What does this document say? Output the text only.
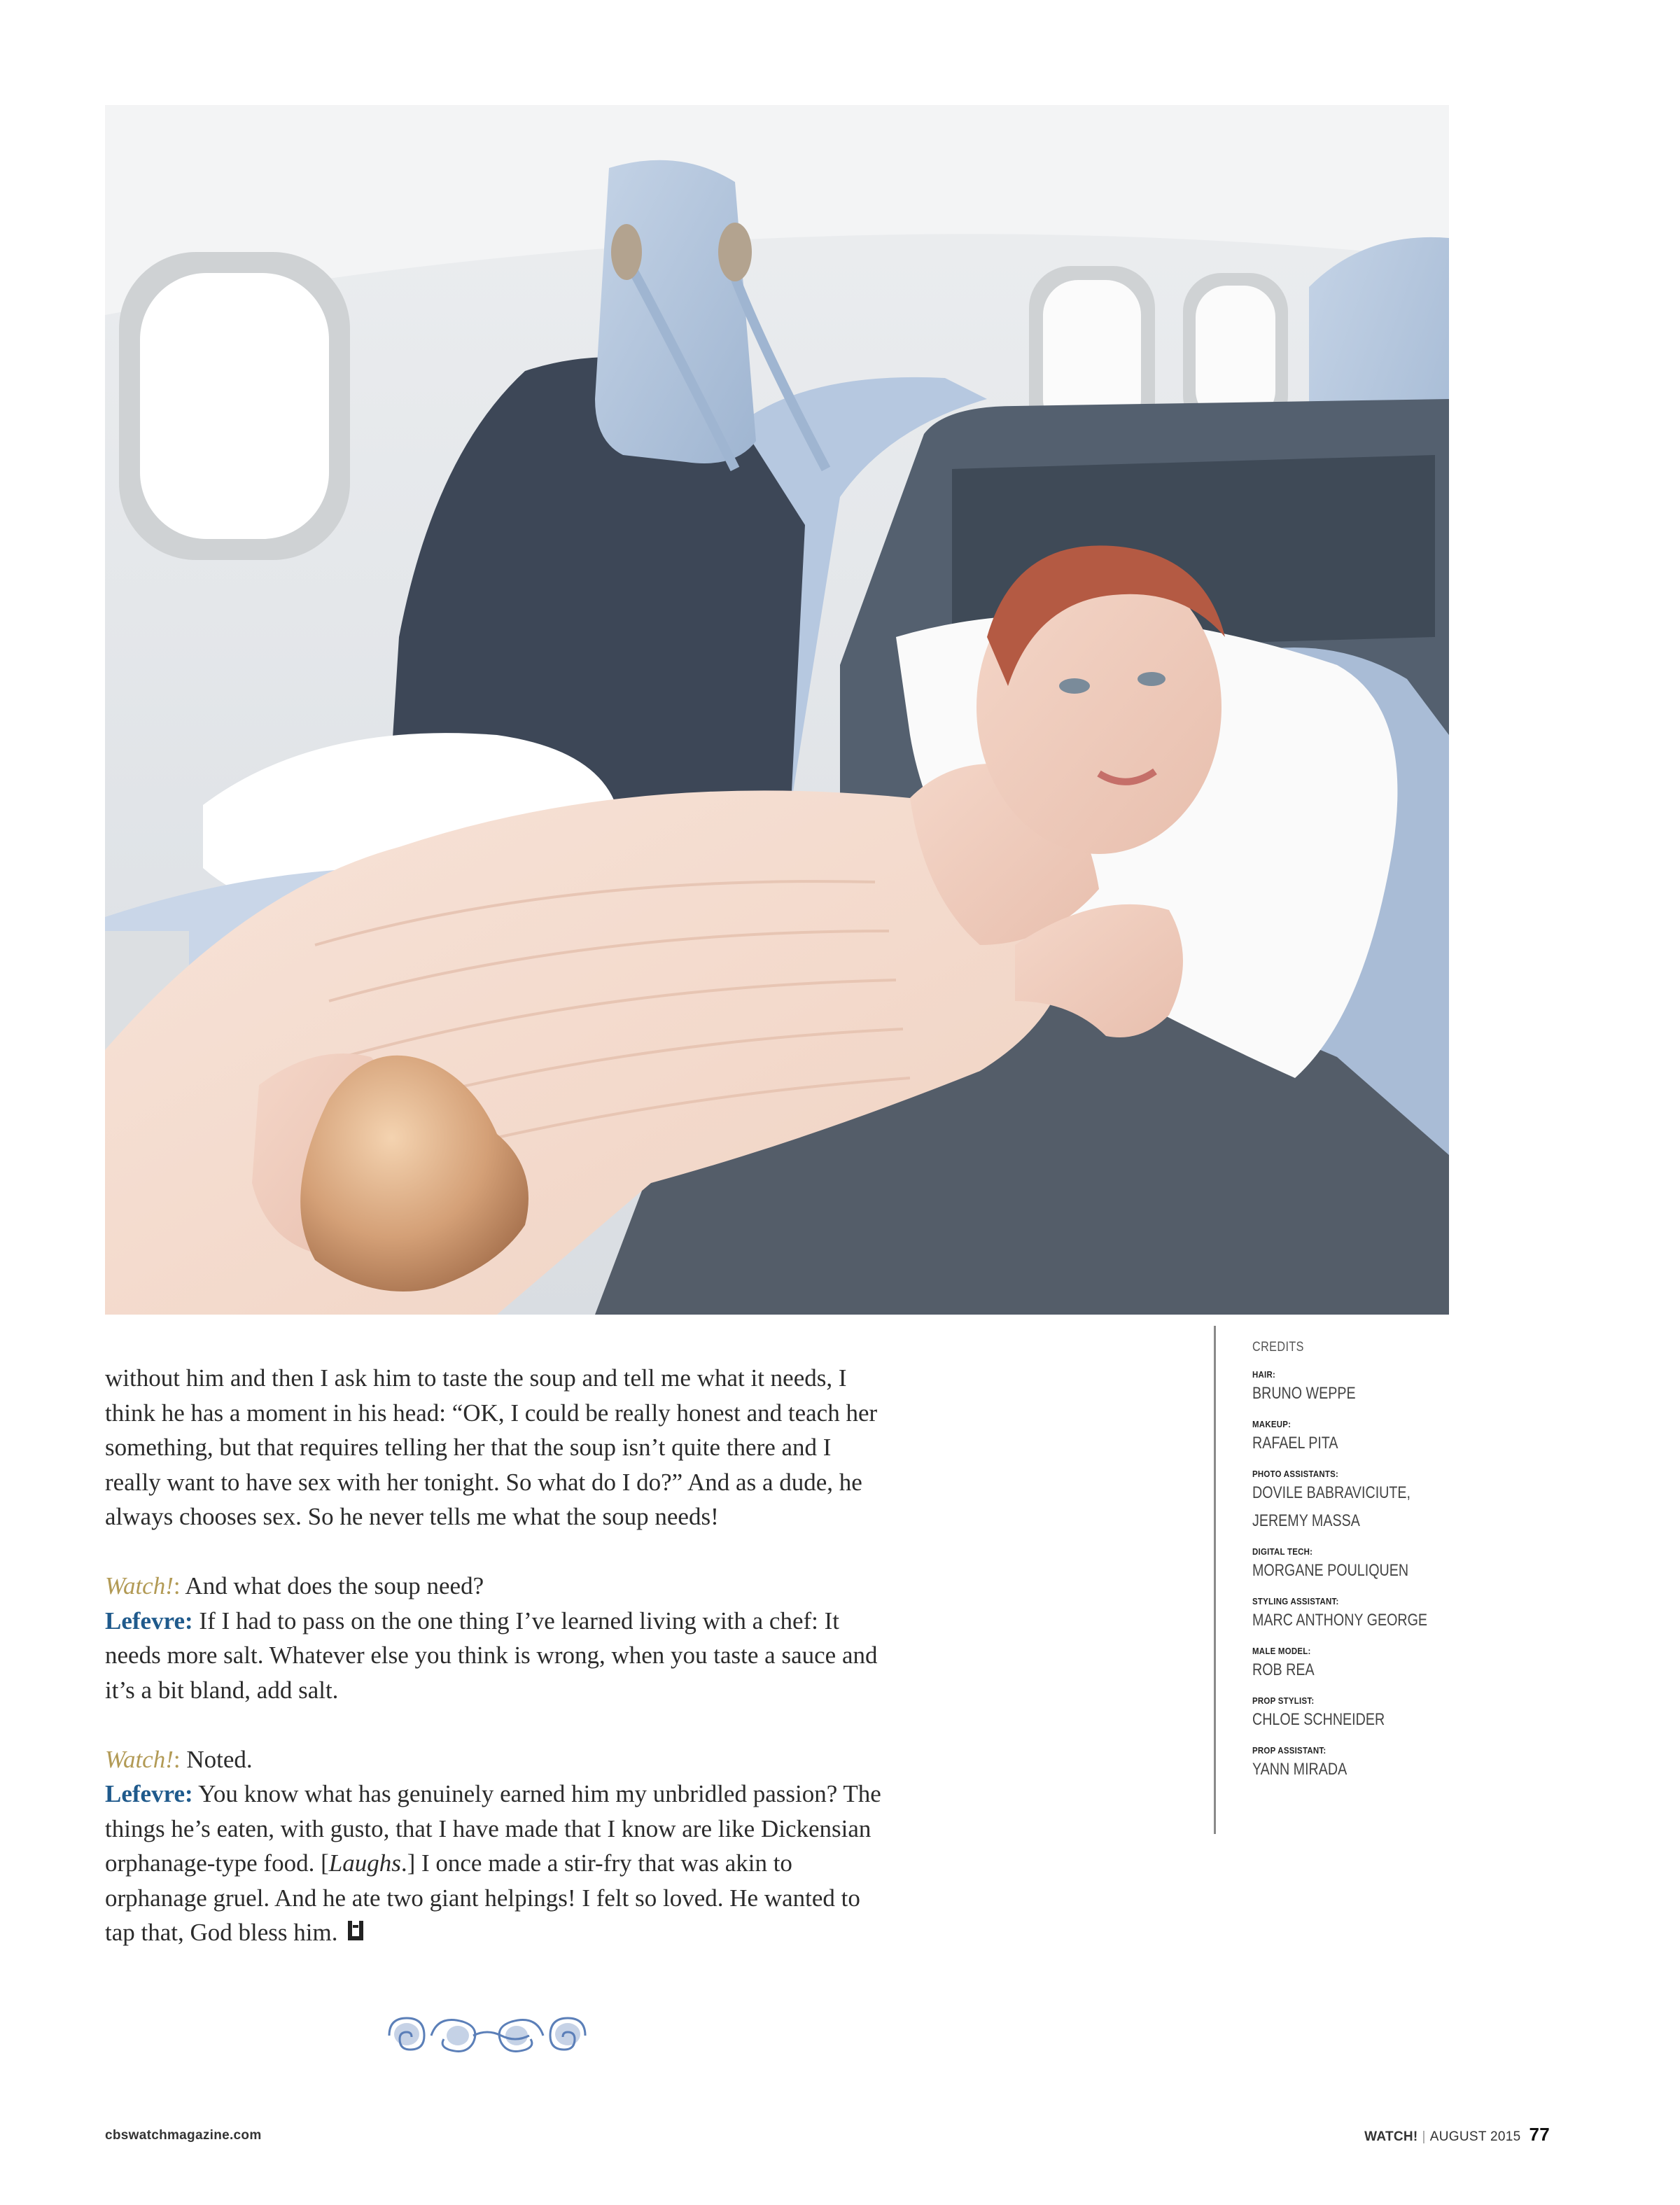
without him and then I ask him to taste the soup and tell me what it needs, I think he has a moment in his head: “OK, I could be really honest and teach her something, but that requires telling her that the soup isn’t quite there and I really want to have sex with her tonight. So what do I do?” And as a dude, he always chooses sex. So he never tells me what the soup needs!

Watch!: And what does the soup need?

Lefevre: If I had to pass on the one thing I’ve learned living with a chef: It needs more salt. Whatever else you think is wrong, when you taste a sauce and it’s a bit bland, add salt.

Watch!: Noted.

Lefevre: You know what has genuinely earned him my unbridled passion? The things he’s eaten, with gusto, that I have made that I know are like Dickensian orphanage-type food. [Laughs.] I once made a stir-fry that was akin to orphanage gruel. And he ate two giant helpings! I felt so loved. He wanted to tap that, God bless him.

CREDITS
HAIR:
BRUNO WEPPE
MAKEUP:
RAFAEL PITA
PHOTO ASSISTANTS:
DOVILE BABRAVICIUTE,
JEREMY MASSA
DIGITAL TECH:
MORGANE POULIQUEN
STYLING ASSISTANT:
MARC ANTHONY GEORGE
MALE MODEL:
ROB REA
PROP STYLIST:
CHLOE SCHNEIDER
PROP ASSISTANT:
YANN MIRADA
cbswatchmagazine.com	WATCH! | AUGUST 2015 77
